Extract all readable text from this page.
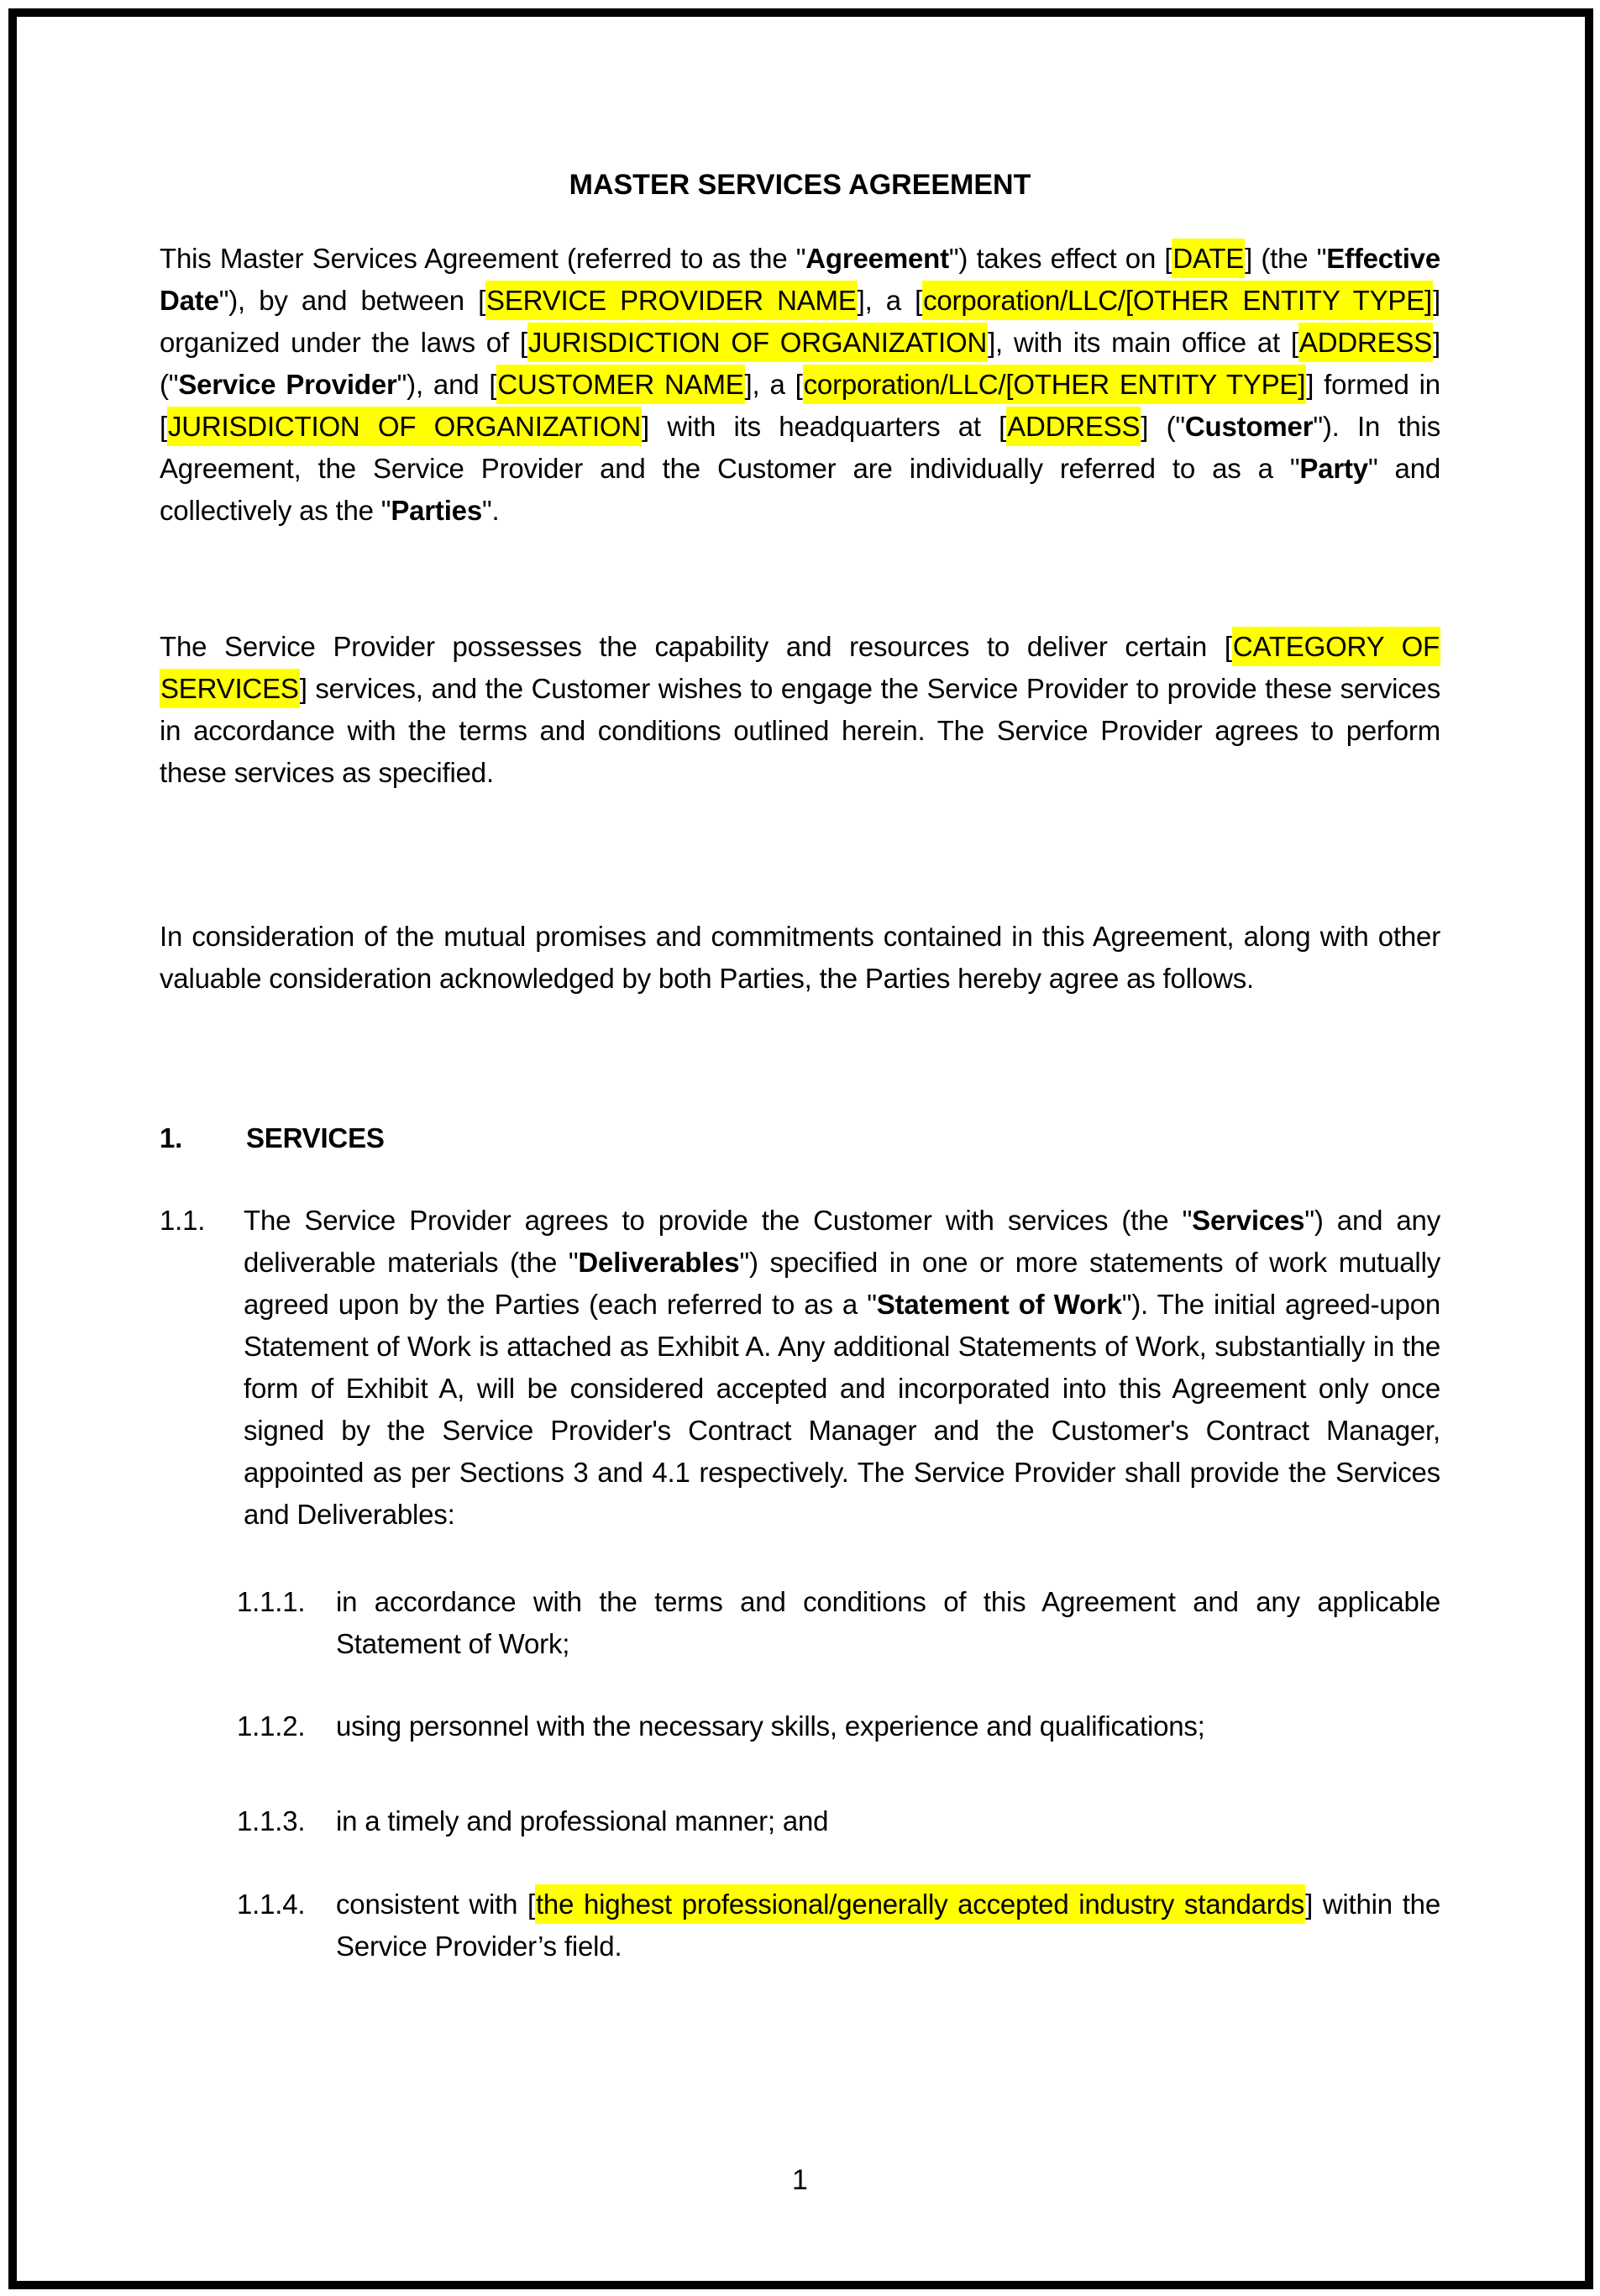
MASTER SERVICES AGREEMENT

This Master Services Agreement (referred to as the "Agreement") takes effect on [DATE] (the "Effective Date"), by and between [SERVICE PROVIDER NAME], a [corporation/LLC/[OTHER ENTITY TYPE]] organized under the laws of [JURISDICTION OF ORGANIZATION], with its main office at [ADDRESS] ("Service Provider"), and [CUSTOMER NAME], a [corporation/LLC/[OTHER ENTITY TYPE]] formed in [JURISDICTION OF ORGANIZATION] with its headquarters at [ADDRESS] ("Customer"). In this Agreement, the Service Provider and the Customer are individually referred to as a "Party" and collectively as the "Parties".

The Service Provider possesses the capability and resources to deliver certain [CATEGORY OF SERVICES] services, and the Customer wishes to engage the Service Provider to provide these services in accordance with the terms and conditions outlined herein. The Service Provider agrees to perform these services as specified.

In consideration of the mutual promises and commitments contained in this Agreement, along with other valuable consideration acknowledged by both Parties, the Parties hereby agree as follows.

1. SERVICES
1.1. The Service Provider agrees to provide the Customer with services (the "Services") and any deliverable materials (the "Deliverables") specified in one or more statements of work mutually agreed upon by the Parties (each referred to as a "Statement of Work"). The initial agreed-upon Statement of Work is attached as Exhibit A. Any additional Statements of Work, substantially in the form of Exhibit A, will be considered accepted and incorporated into this Agreement only once signed by the Service Provider's Contract Manager and the Customer's Contract Manager, appointed as per Sections 3 and 4.1 respectively. The Service Provider shall provide the Services and Deliverables:
1.1.1. in accordance with the terms and conditions of this Agreement and any applicable Statement of Work;
1.1.2. using personnel with the necessary skills, experience and qualifications;
1.1.3. in a timely and professional manner; and
1.1.4. consistent with [the highest professional/generally accepted industry standards] within the Service Provider’s field.
1
